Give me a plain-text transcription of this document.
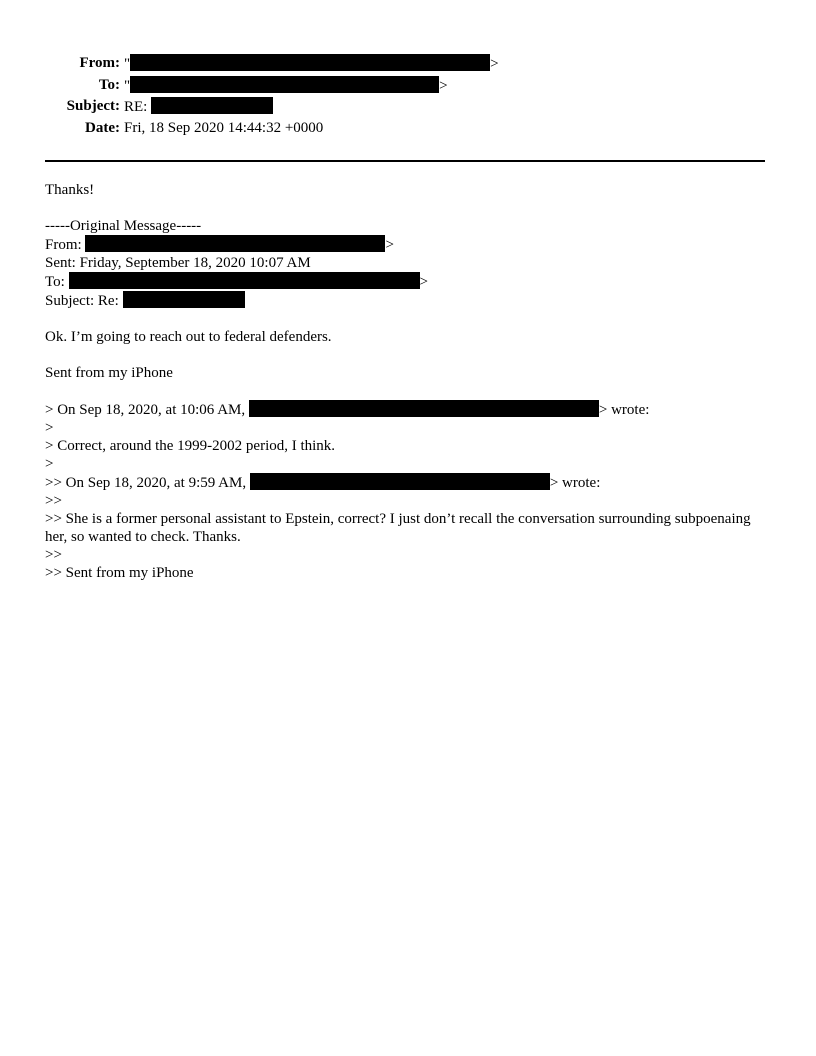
From: "	>
To: "	>
Subject: RE:
Date: Fri, 18 Sep 2020 14:44:32 +0000
Thanks!
-----Original Message-----
From:	>
Sent: Friday, September 18, 2020 10:07 AM
To:	>
Subject: Re:
Ok. I’m going to reach out to federal defenders.
Sent from my iPhone
> On Sep 18, 2020, at 10:06 AM,	> wrote:
>
> Correct, around the 1999-2002 period, I think.
>
>> On Sep 18, 2020, at 9:59 AM,	> wrote:
>>
>> She is a former personal assistant to Epstein, correct? I just don’t recall the conversation surrounding subpoenaing her, so wanted to check. Thanks.
>>
>> Sent from my iPhone
